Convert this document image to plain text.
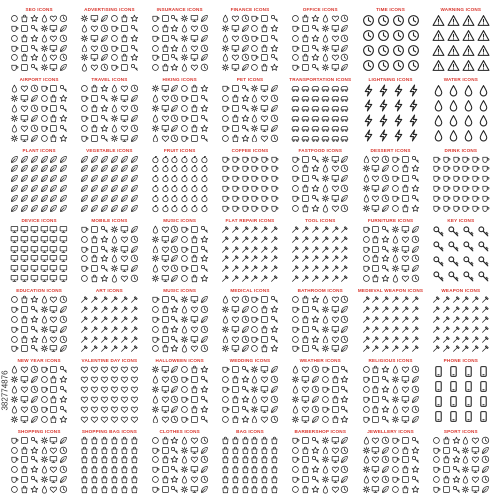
SEO ICONS	ADVERTISING ICONS	INSURANCE ICONS	FINANCE ICONS	OFFICE ICONS	TIME ICONS	WARNING ICONS
AIRPORT ICONS	TRAVEL ICONS	HIKING ICONS	PET ICONS	TRANSPORTATION ICONS	LIGHTNING ICONS	WATER ICONS
PLANT ICONS	VEGETABLE ICONS	FRUIT ICONS	COFFEE ICONS	FASTFOOD ICONS	DESSERT ICONS	DRINK ICONS
DEVICE ICONS	MOBILE ICONS	MUSIC ICONS	FLAT REPAIR ICONS	TOOL ICONS	FURNITURE ICONS	KEY ICONS
EDUCATION ICONS	ART ICONS	MUSIC ICONS	MEDICAL ICONS	BATHROOM ICONS	MEDIEVAL WEAPON ICONS	WEAPON ICONS
NEW YEAR ICONS	VALENTINE DAY ICONS	HALLOWEEN ICONS	WEDDING ICONS	WEATHER ICONS	RELIGIOUS ICONS	PHONE ICONS
SHOPPING ICONS	SHOPPING BAG ICONS	CLOTHES ICONS	BAG ICONS	BARBERSHOP ICONS	JEWELLERY ICONS	SPORT ICONS
382774876
